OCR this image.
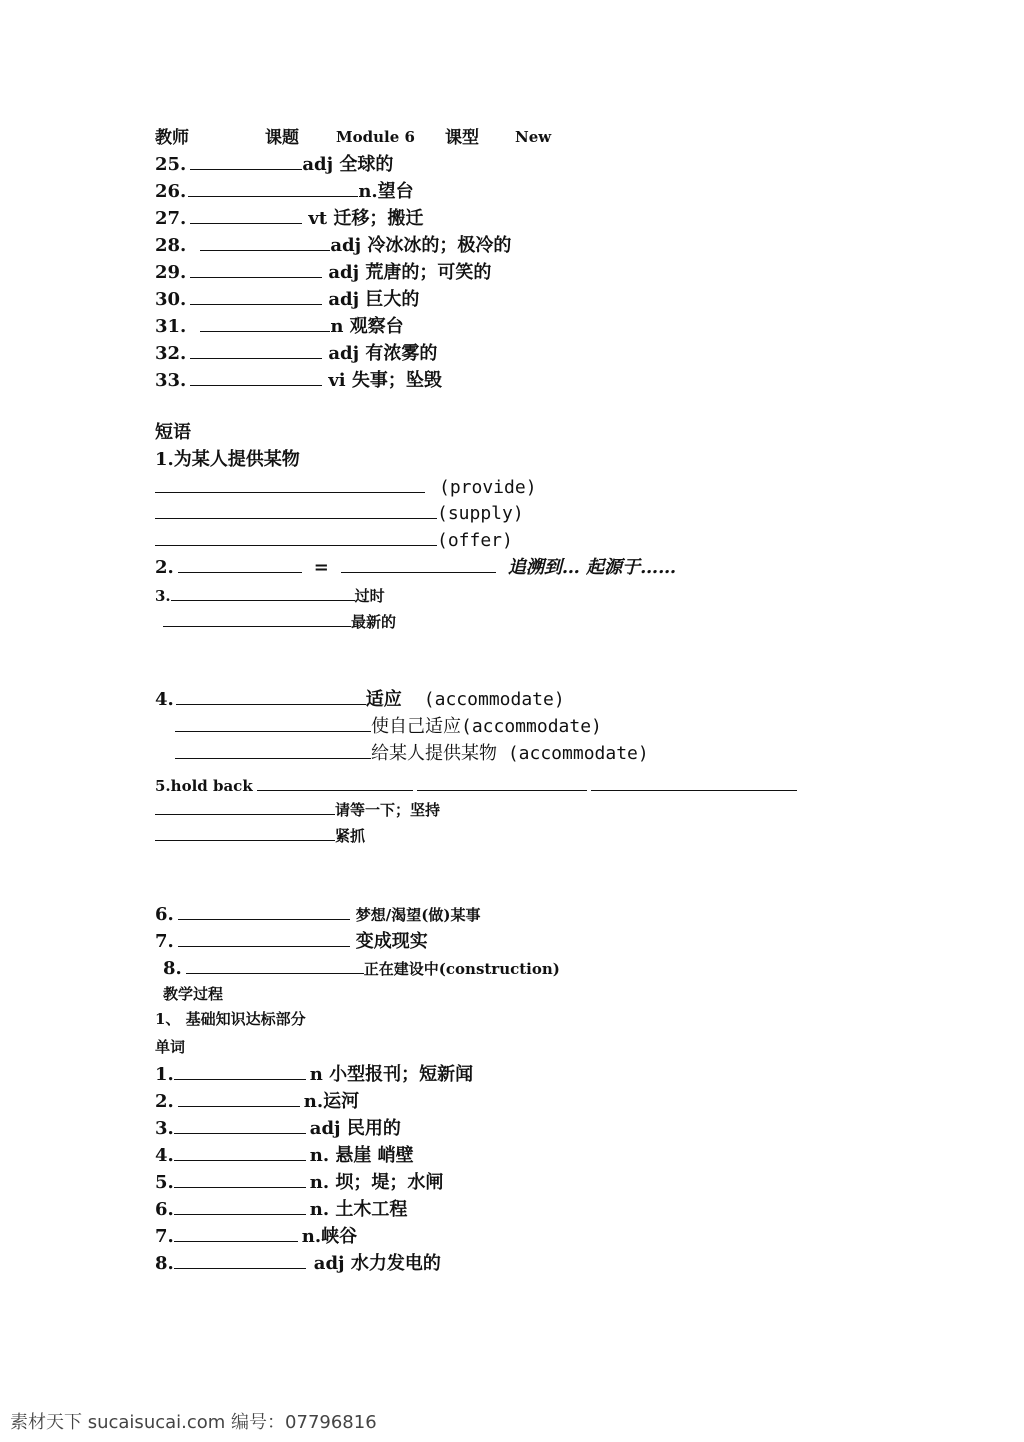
教师	课题 Module 6 课型 New
25.	adj 全球的
26.	n.望台
27.	vt 迁移；搬迁
28.	adj 冷冰冰的；极冷的
29.	adj 荒唐的；可笑的
30.	adj 巨大的
31.	n 观察台
32.	adj 有浓雾的
33.	vi 失事；坠毁
短语
1.为某人提供某物
(provide)
(supply)
(offer)
2.	=	追溯到… 起源于……
3.	过时
最新的
4.	适应 (accommodate)
使自己适应(accommodate)
给某人提供某物 (accommodate)
5.hold back
请等一下；坚持
紧抓
6.	梦想/渴望(做)某事
7.	变成现实
8.	正在建设中(construction)
教学过程
1、 基础知识达标部分
单词
1.	n 小型报刊；短新闻
2.	n.运河
3.	adj 民用的
4.	n. 悬崖 峭壁
5.	n. 坝；堤；水闸
6.	n. 土木工程
7.	n.峡谷
8.	adj 水力发电的
素材天下 sucaisucai.com 编号：07796816
